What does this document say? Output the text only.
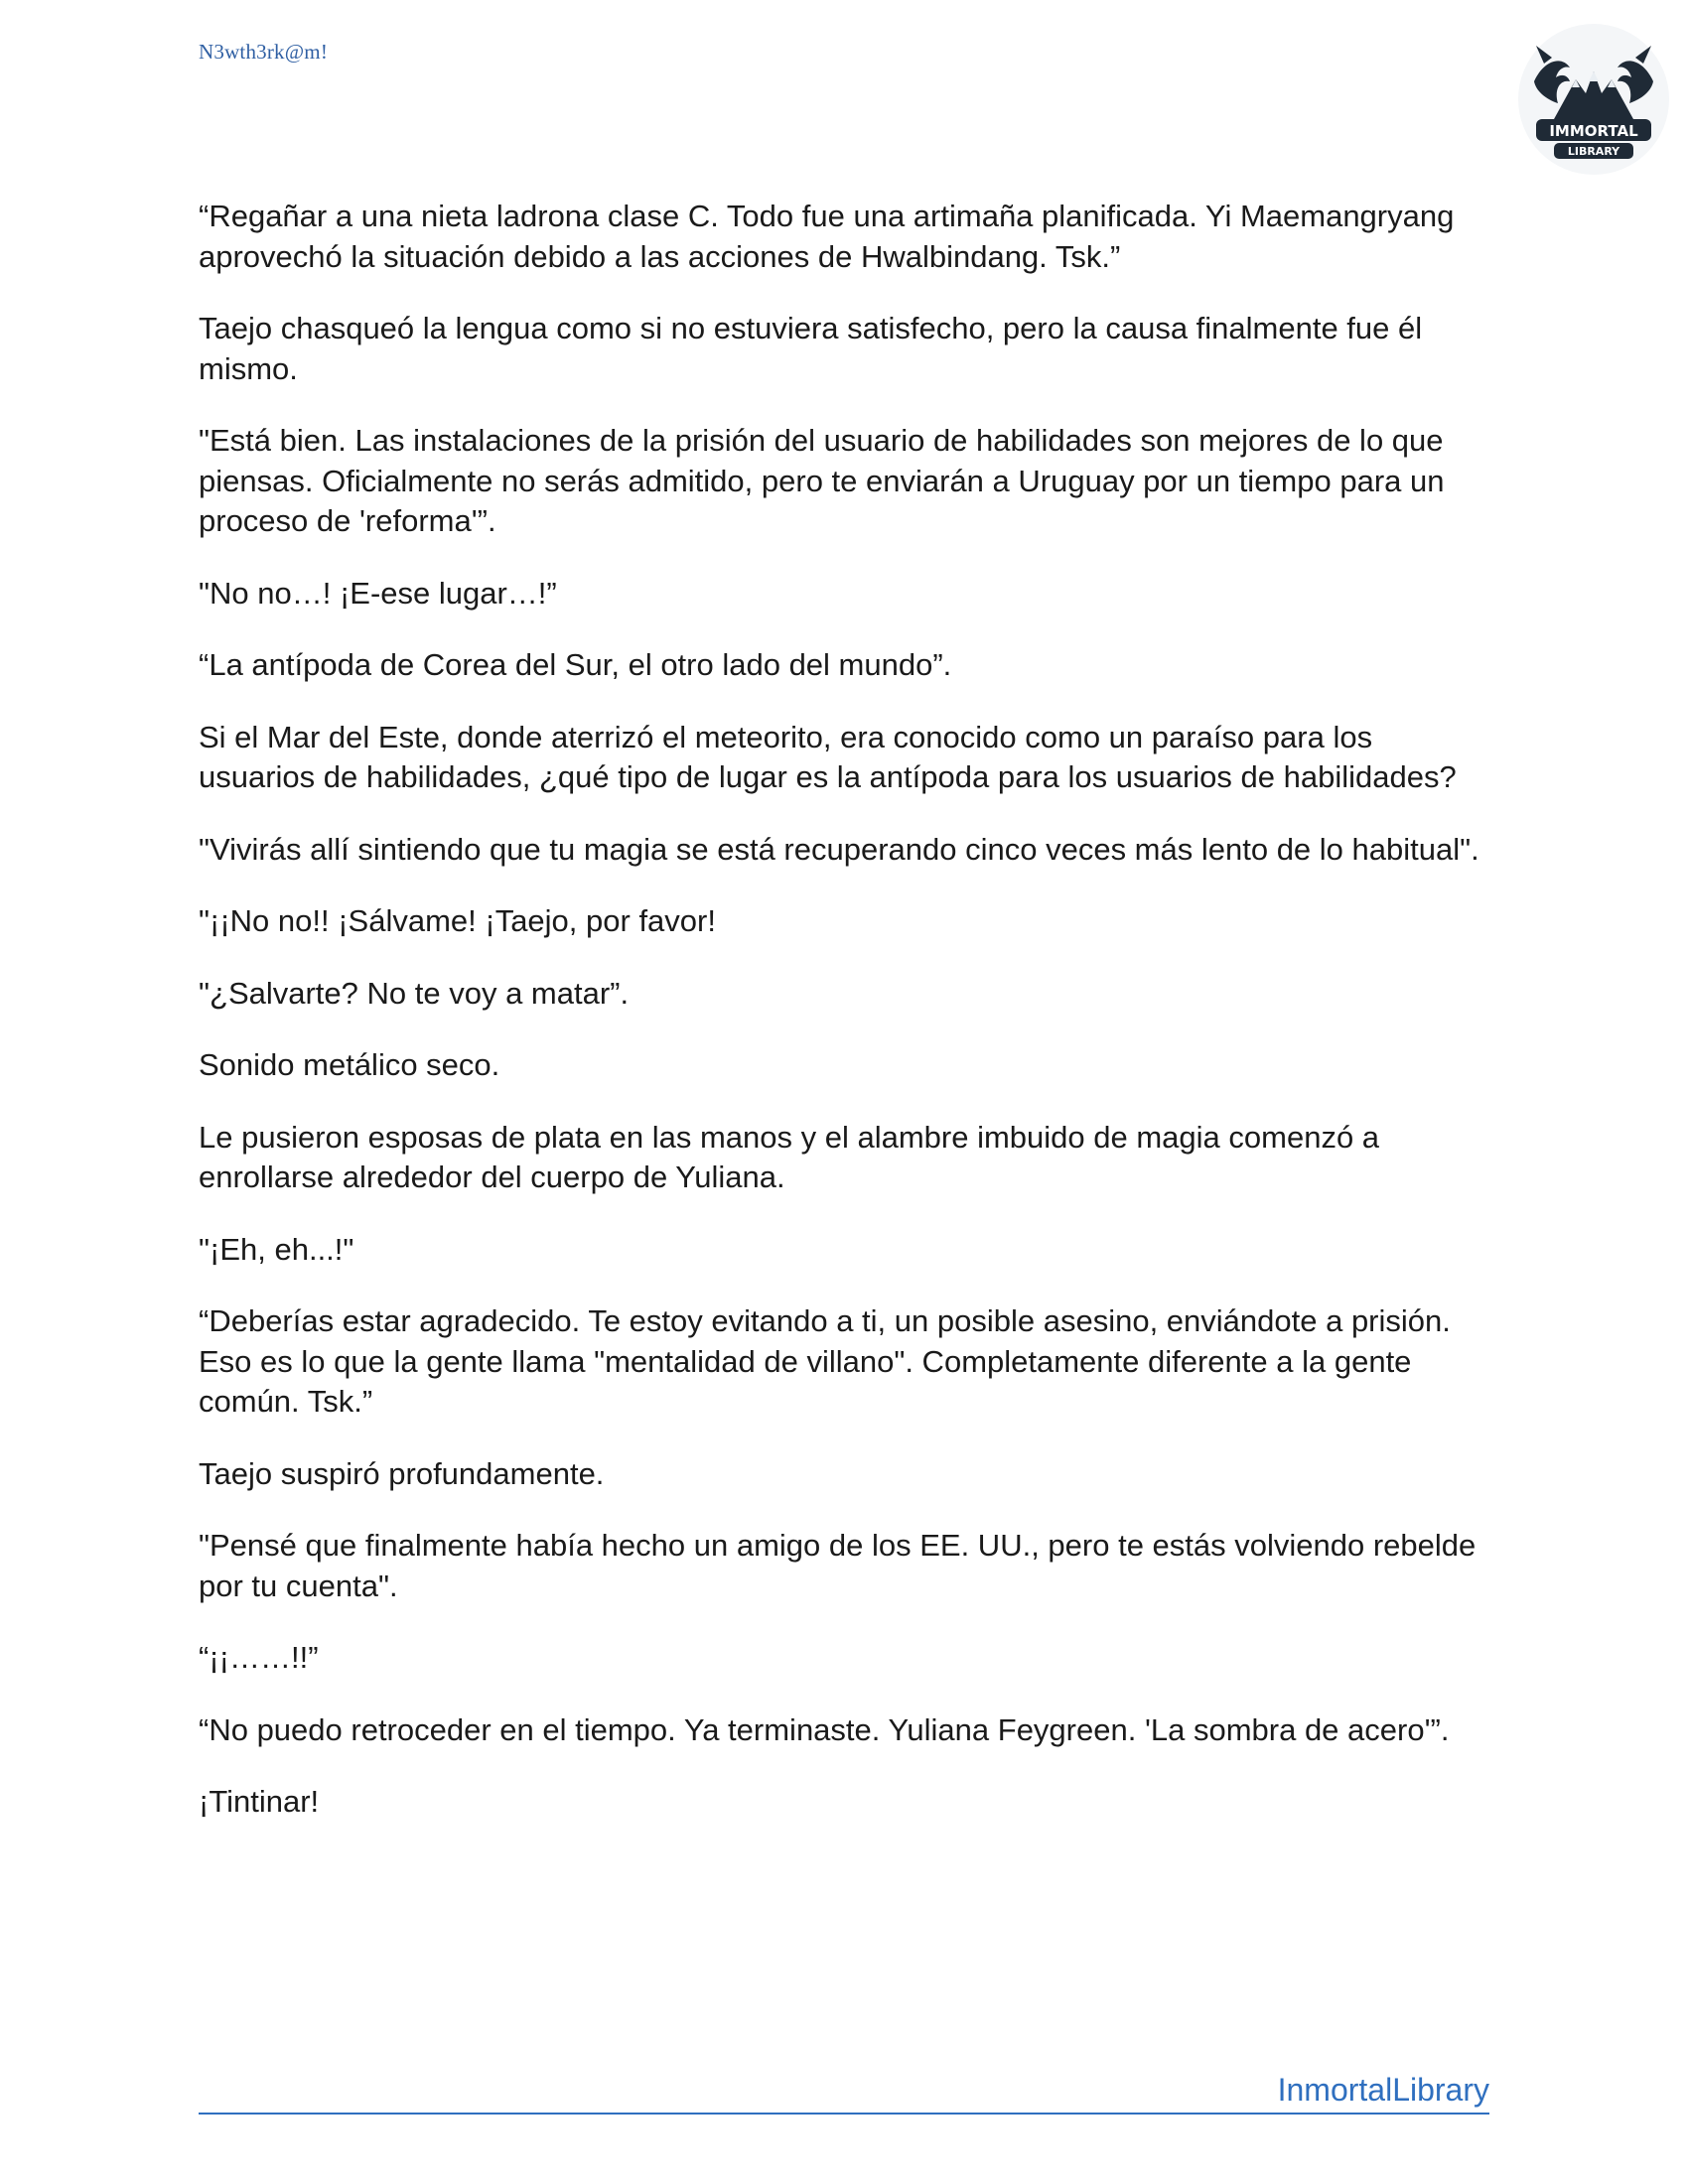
N3wth3rk@m!
IMMORTAL
LIBRARY

“Regañar a una nieta ladrona clase C. Todo fue una artimaña planificada. Yi Maemangryang aprovechó la situación debido a las acciones de Hwalbindang. Tsk.”

Taejo chasqueó la lengua como si no estuviera satisfecho, pero la causa finalmente fue él mismo.

"Está bien. Las instalaciones de la prisión del usuario de habilidades son mejores de lo que piensas. Oficialmente no serás admitido, pero te enviarán a Uruguay por un tiempo para un proceso de 'reforma'”.

"No no…! ¡E-ese lugar…!”

“La antípoda de Corea del Sur, el otro lado del mundo”.

Si el Mar del Este, donde aterrizó el meteorito, era conocido como un paraíso para los usuarios de habilidades, ¿qué tipo de lugar es la antípoda para los usuarios de habilidades?

"Vivirás allí sintiendo que tu magia se está recuperando cinco veces más lento de lo habitual".

"¡¡No no!! ¡Sálvame! ¡Taejo, por favor!

"¿Salvarte? No te voy a matar”.

Sonido metálico seco.

Le pusieron esposas de plata en las manos y el alambre imbuido de magia comenzó a enrollarse alrededor del cuerpo de Yuliana.

"¡Eh, eh...!"

“Deberías estar agradecido. Te estoy evitando a ti, un posible asesino, enviándote a prisión. Eso es lo que la gente llama "mentalidad de villano". Completamente diferente a la gente común. Tsk.”

Taejo suspiró profundamente.

"Pensé que finalmente había hecho un amigo de los EE. UU., pero te estás volviendo rebelde por tu cuenta".

“¡¡……!!”

“No puedo retroceder en el tiempo. Ya terminaste. Yuliana Feygreen. 'La sombra de acero'”.

¡Tintinar!

InmortalLibrary
